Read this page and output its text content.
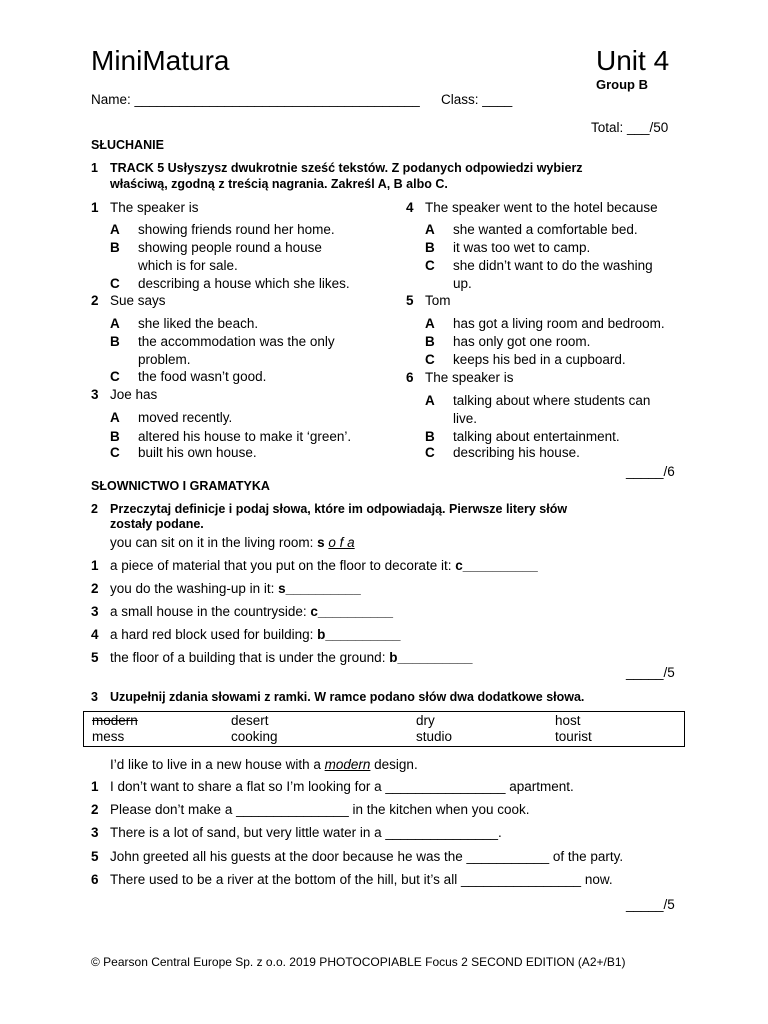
MiniMatura	Unit 4
Group B
Name: ______________________________________ Class: ____
Total: ___/50
SŁUCHANIE
1 TRACK 5 Usłyszysz dwukrotnie sześć tekstów. Z podanych odpowiedzi wybierz
właściwą, zgodną z treścią nagrania. Zakreśl A, B albo C.
1 The speaker is
A showing friends round her home.
B showing people round a house
which is for sale.
C describing a house which she likes.
2 Sue says
A she liked the beach.
B the accommodation was the only
problem.
C the food wasn’t good.
3 Joe has
A moved recently.
B altered his house to make it ‘green’.
C built his own house.
4 The speaker went to the hotel because
A she wanted a comfortable bed.
B it was too wet to camp.
C she didn’t want to do the washing
up.
5 Tom
A has got a living room and bedroom.
B has only got one room.
C keeps his bed in a cupboard.
6 The speaker is
A talking about where students can
live.
B talking about entertainment.
C describing his house.
_____/6
SŁOWNICTWO I GRAMATYKA
2 Przeczytaj definicje i podaj słowa, które im odpowiadają. Pierwsze litery słów
zostały podane.
you can sit on it in the living room: s o f a
1 a piece of material that you put on the floor to decorate it: c__________
2 you do the washing-up in it: s__________
3 a small house in the countryside: c__________
4 a hard red block used for building: b__________
5 the floor of a building that is under the ground: b__________
_____/5
3 Uzupełnij zdania słowami z ramki. W ramce podano słów dwa dodatkowe słowa.
modern	desert	dry	host
mess	cooking	studio	tourist
I’d like to live in a new house with a modern design.
1 I don’t want to share a flat so I’m looking for a ________________ apartment.
2 Please don’t make a _______________ in the kitchen when you cook.
3 There is a lot of sand, but very little water in a _______________.
5 John greeted all his guests at the door because he was the ___________ of the party.
6 There used to be a river at the bottom of the hill, but it’s all ________________ now.
_____/5
© Pearson Central Europe Sp. z o.o. 2019 PHOTOCOPIABLE Focus 2 SECOND EDITION (A2+/B1)
